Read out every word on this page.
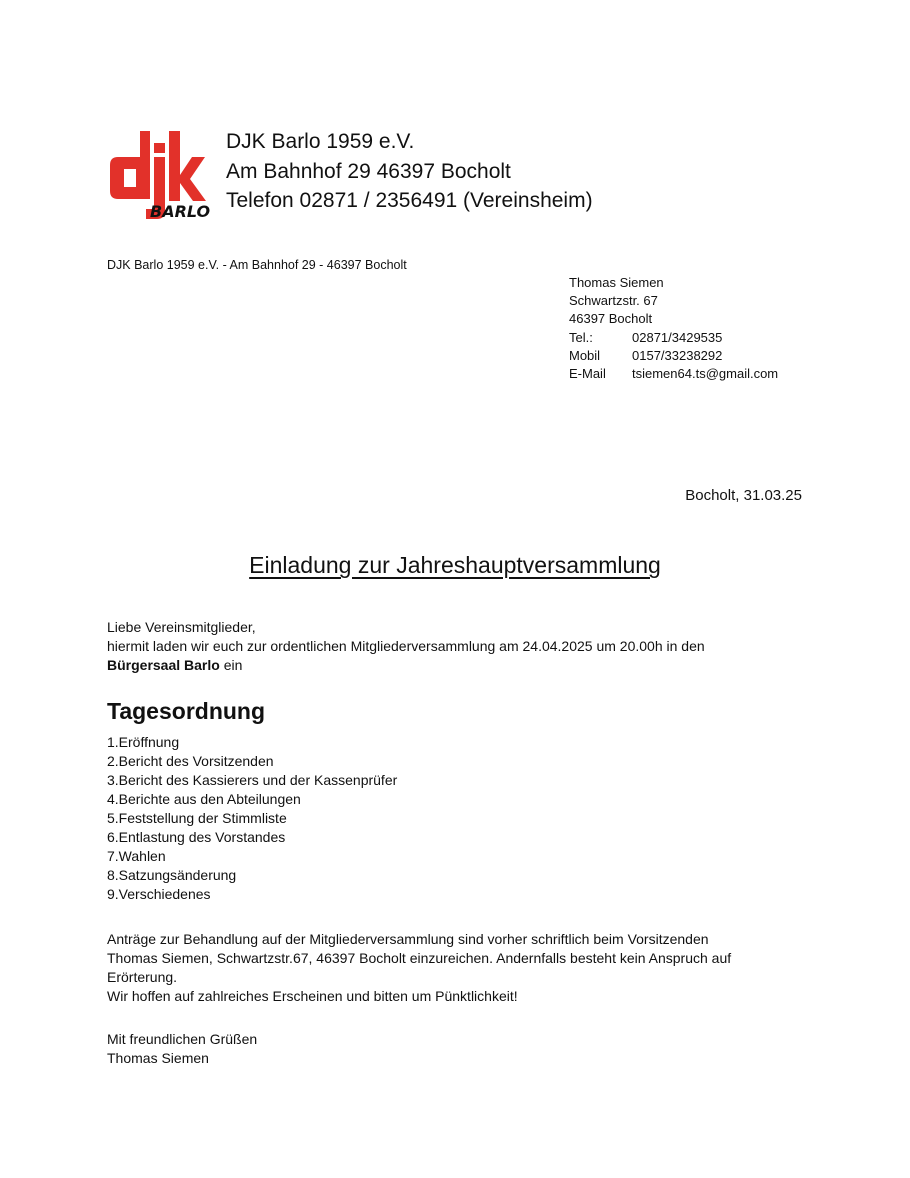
BARLO
DJK Barlo 1959 e.V.
Am Bahnhof 29 46397 Bocholt
Telefon 02871 / 2356491 (Vereinsheim)
DJK Barlo 1959 e.V. - Am Bahnhof 29 - 46397 Bocholt
Thomas Siemen
Schwartzstr. 67
46397 Bocholt
Tel.:	02871/3429535
Mobil 0157/33238292
E-Mail tsiemen64.ts@gmail.com
Bocholt, 31.03.25
Einladung zur Jahreshauptversammlung
Liebe Vereinsmitglieder,
hiermit laden wir euch zur ordentlichen Mitgliederversammlung am 24.04.2025 um 20.00h in den
Bürgersaal Barlo ein
Tagesordnung
1.Eröffnung
2.Bericht des Vorsitzenden
3.Bericht des Kassierers und der Kassenprüfer
4.Berichte aus den Abteilungen
5.Feststellung der Stimmliste
6.Entlastung des Vorstandes
7.Wahlen
8.Satzungsänderung
9.Verschiedenes
Anträge zur Behandlung auf der Mitgliederversammlung sind vorher schriftlich beim Vorsitzenden
Thomas Siemen, Schwartzstr.67, 46397 Bocholt einzureichen. Andernfalls besteht kein Anspruch auf
Erörterung.
Wir hoffen auf zahlreiches Erscheinen und bitten um Pünktlichkeit!
Mit freundlichen Grüßen
Thomas Siemen
